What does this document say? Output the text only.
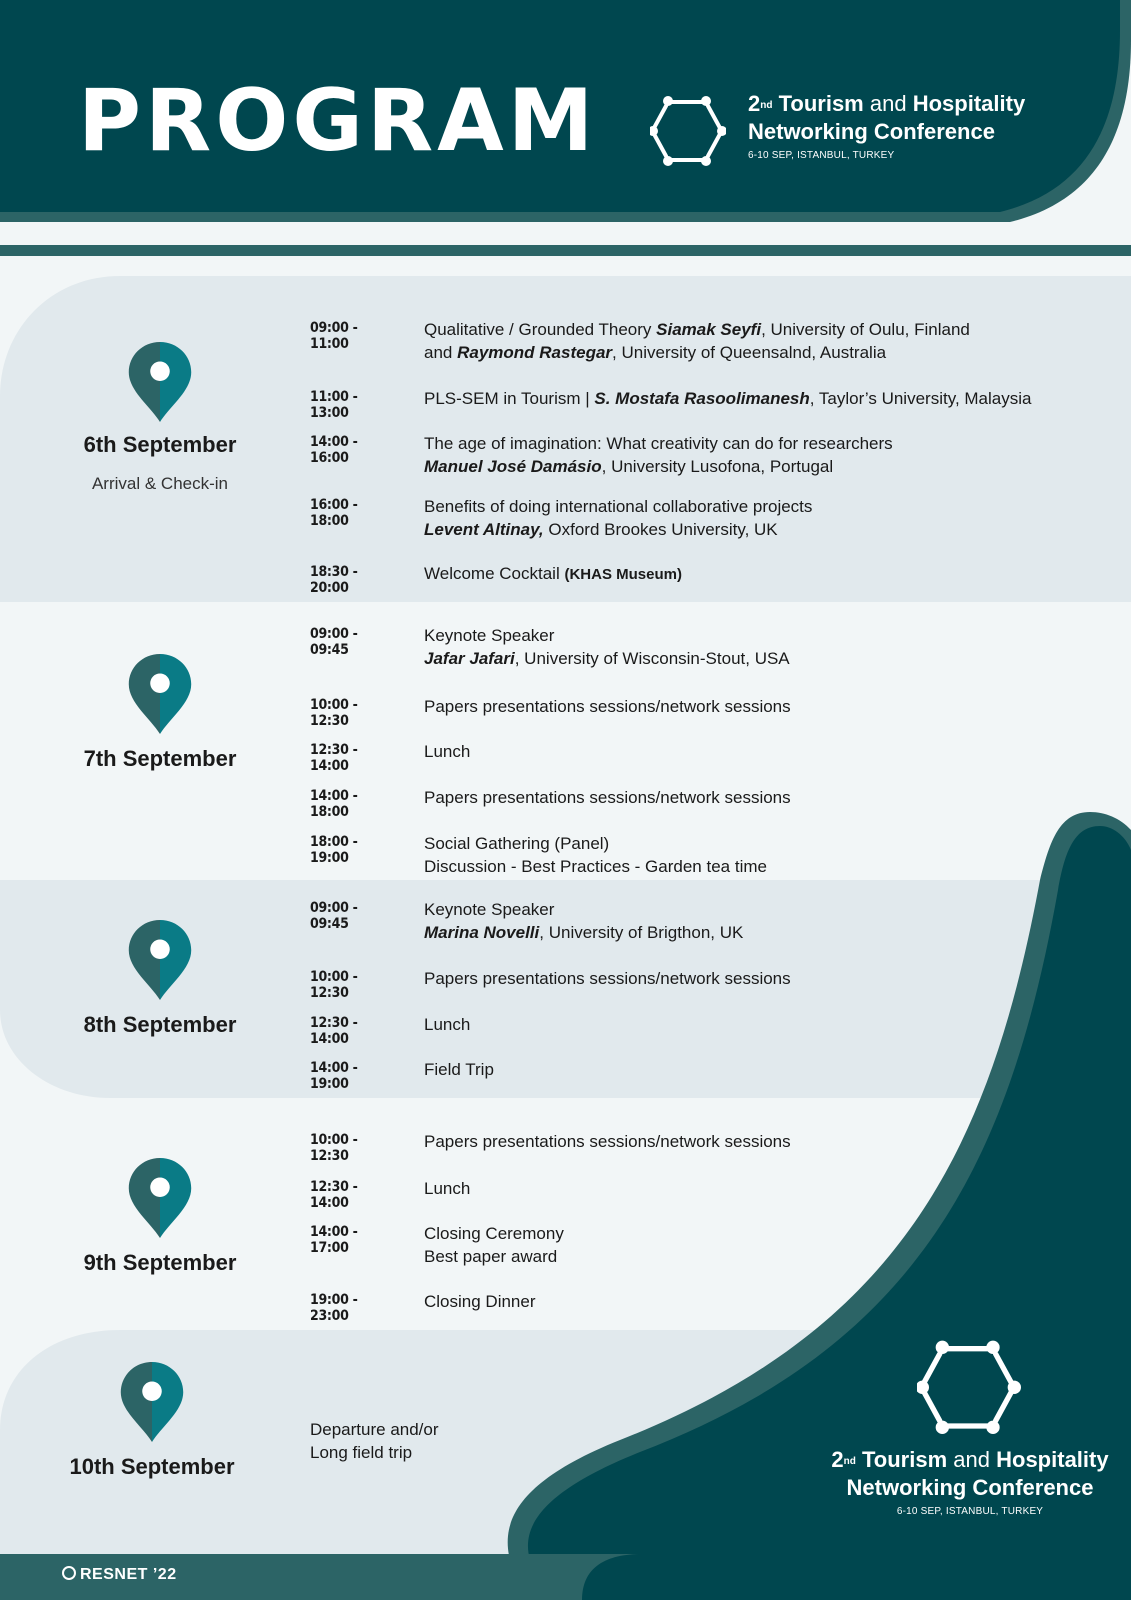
PROGRAM	2nd Tourism and Hospitality
Networking Conference
6-10 SEP, ISTANBUL, TURKEY
6th September
Arrival & Check-in
7th September
8th September
9th September
10th September
09:00 - 11:00
Qualitative / Grounded Theory Siamak Seyfi, University of Oulu, Finland
and Raymond Rastegar, University of Queensalnd, Australia
11:00 - 13:00
PLS-SEM in Tourism | S. Mostafa Rasoolimanesh, Taylor’s University, Malaysia
14:00 - 16:00
The age of imagination: What creativity can do for researchers
Manuel José Damásio, University Lusofona, Portugal
16:00 - 18:00
Benefits of doing international collaborative projects
Levent Altinay, Oxford Brookes University, UK
18:30 - 20:00
Welcome Cocktail (KHAS Museum)
09:00 - 09:45
Keynote Speaker
Jafar Jafari, University of Wisconsin-Stout, USA
10:00 - 12:30
Papers presentations sessions/network sessions
12:30 - 14:00
Lunch
14:00 - 18:00
Papers presentations sessions/network sessions
18:00 - 19:00
Social Gathering (Panel)
Discussion - Best Practices - Garden tea time
09:00 - 09:45
Keynote Speaker
Marina Novelli, University of Brigthon, UK
10:00 - 12:30
Papers presentations sessions/network sessions
12:30 - 14:00
Lunch
14:00 - 19:00
Field Trip
10:00 - 12:30
Papers presentations sessions/network sessions
12:30 - 14:00
Lunch
14:00 - 17:00
Closing Ceremony
Best paper award
19:00 - 23:00
Closing Dinner
Departure and/or
Long field trip	2nd Tourism and Hospitality
Networking Conference
6-10 SEP, ISTANBUL, TURKEY
RESNET ’22
